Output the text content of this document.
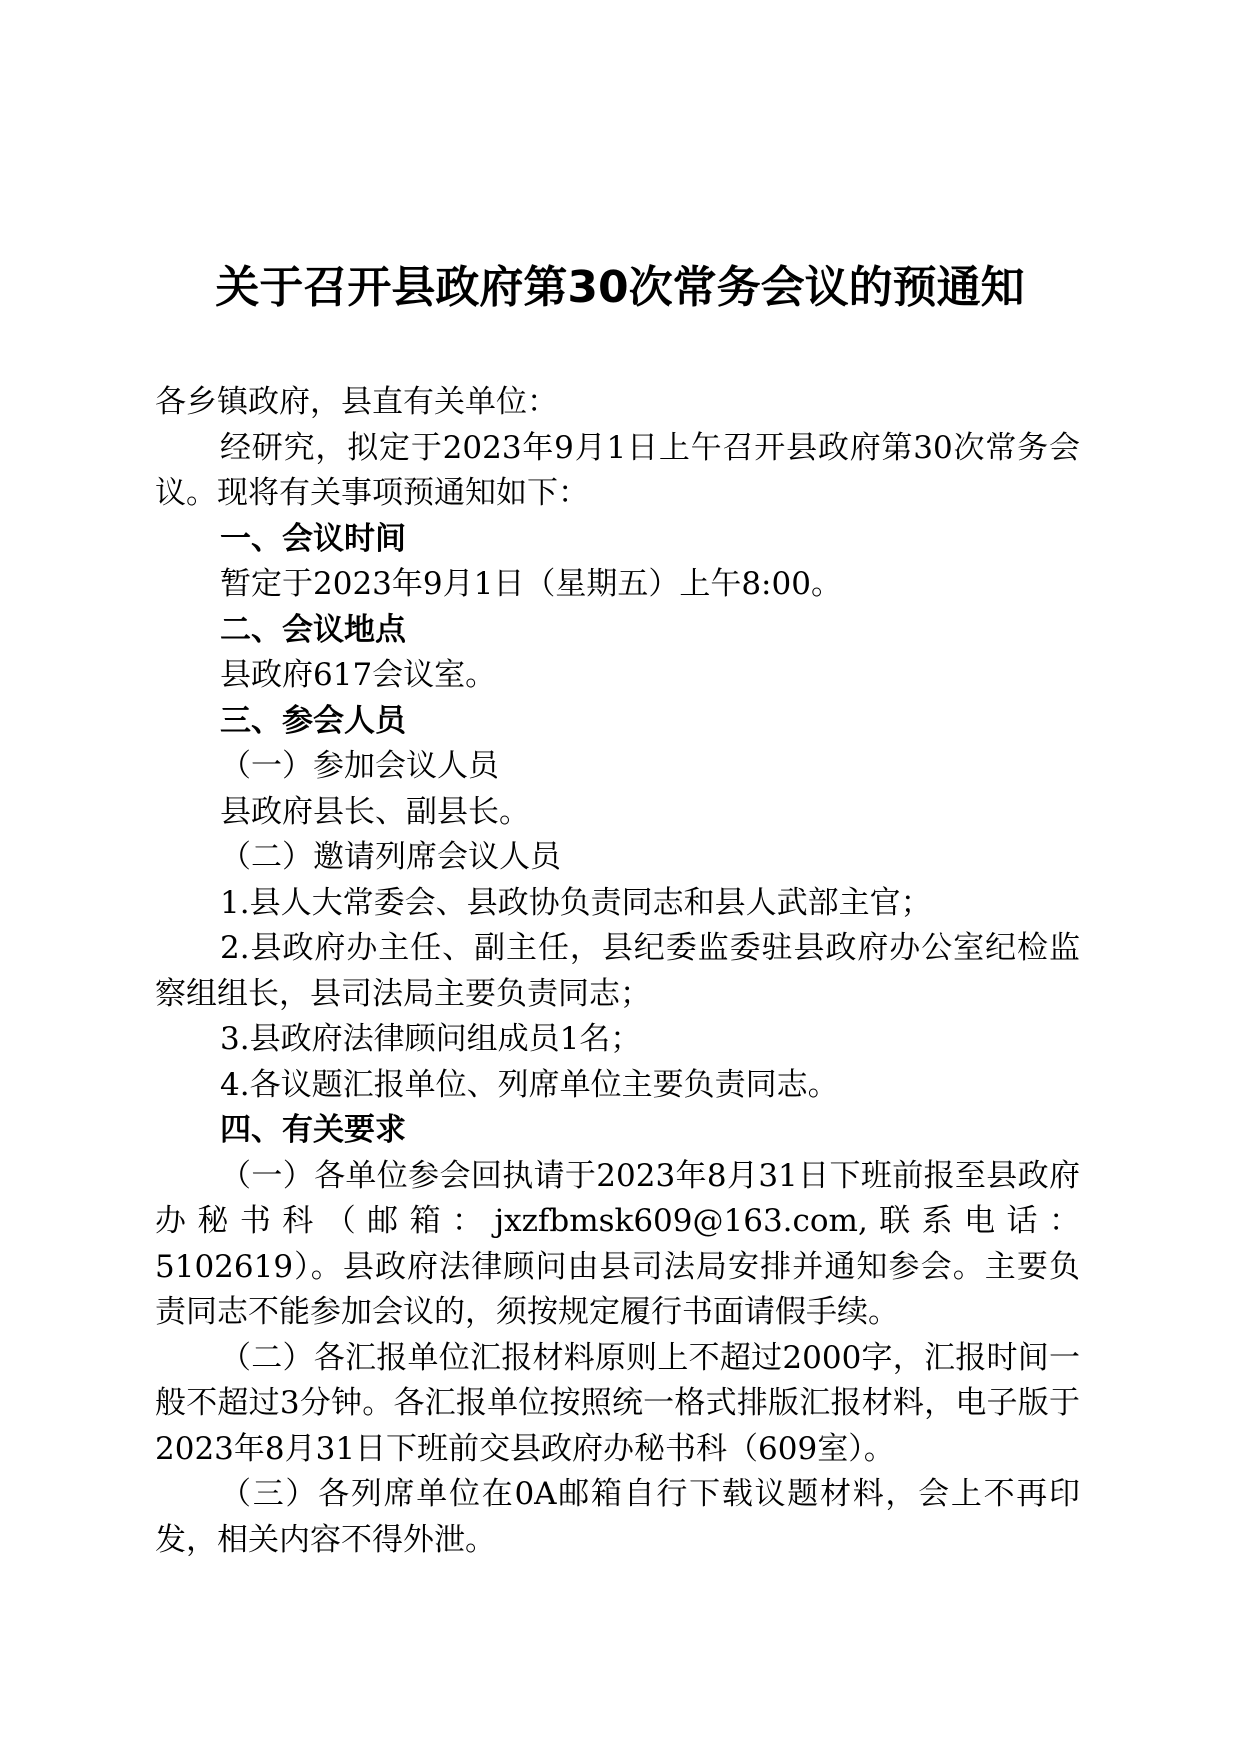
关于召开县政府第30次常务会议的预通知

各乡镇政府，县直有关单位：

经研究，拟定于2023年9月1日上午召开县政府第30次常务会议。现将有关事项预通知如下：

一、会议时间

暂定于2023年9月1日（星期五）上午8:00。

二、会议地点

县政府617会议室。

三、参会人员

（一）参加会议人员

县政府县长、副县长。

（二）邀请列席会议人员

1.县人大常委会、县政协负责同志和县人武部主官；

2.县政府办主任、副主任，县纪委监委驻县政府办公室纪检监察组组长，县司法局主要负责同志；

3.县政府法律顾问组成员1名；

4.各议题汇报单位、列席单位主要负责同志。

四、有关要求

（一）各单位参会回执请于2023年8月31日下班前报至县政府办秘书科（邮箱：jxzfbmsk609@163.com,联系电话：5102619）。县政府法律顾问由县司法局安排并通知参会。主要负责同志不能参加会议的，须按规定履行书面请假手续。

（二）各汇报单位汇报材料原则上不超过2000字，汇报时间一般不超过3分钟。各汇报单位按照统一格式排版汇报材料，电子版于2023年8月31日下班前交县政府办秘书科（609室）。

（三）各列席单位在0A邮箱自行下载议题材料，会上不再印发，相关内容不得外泄。
